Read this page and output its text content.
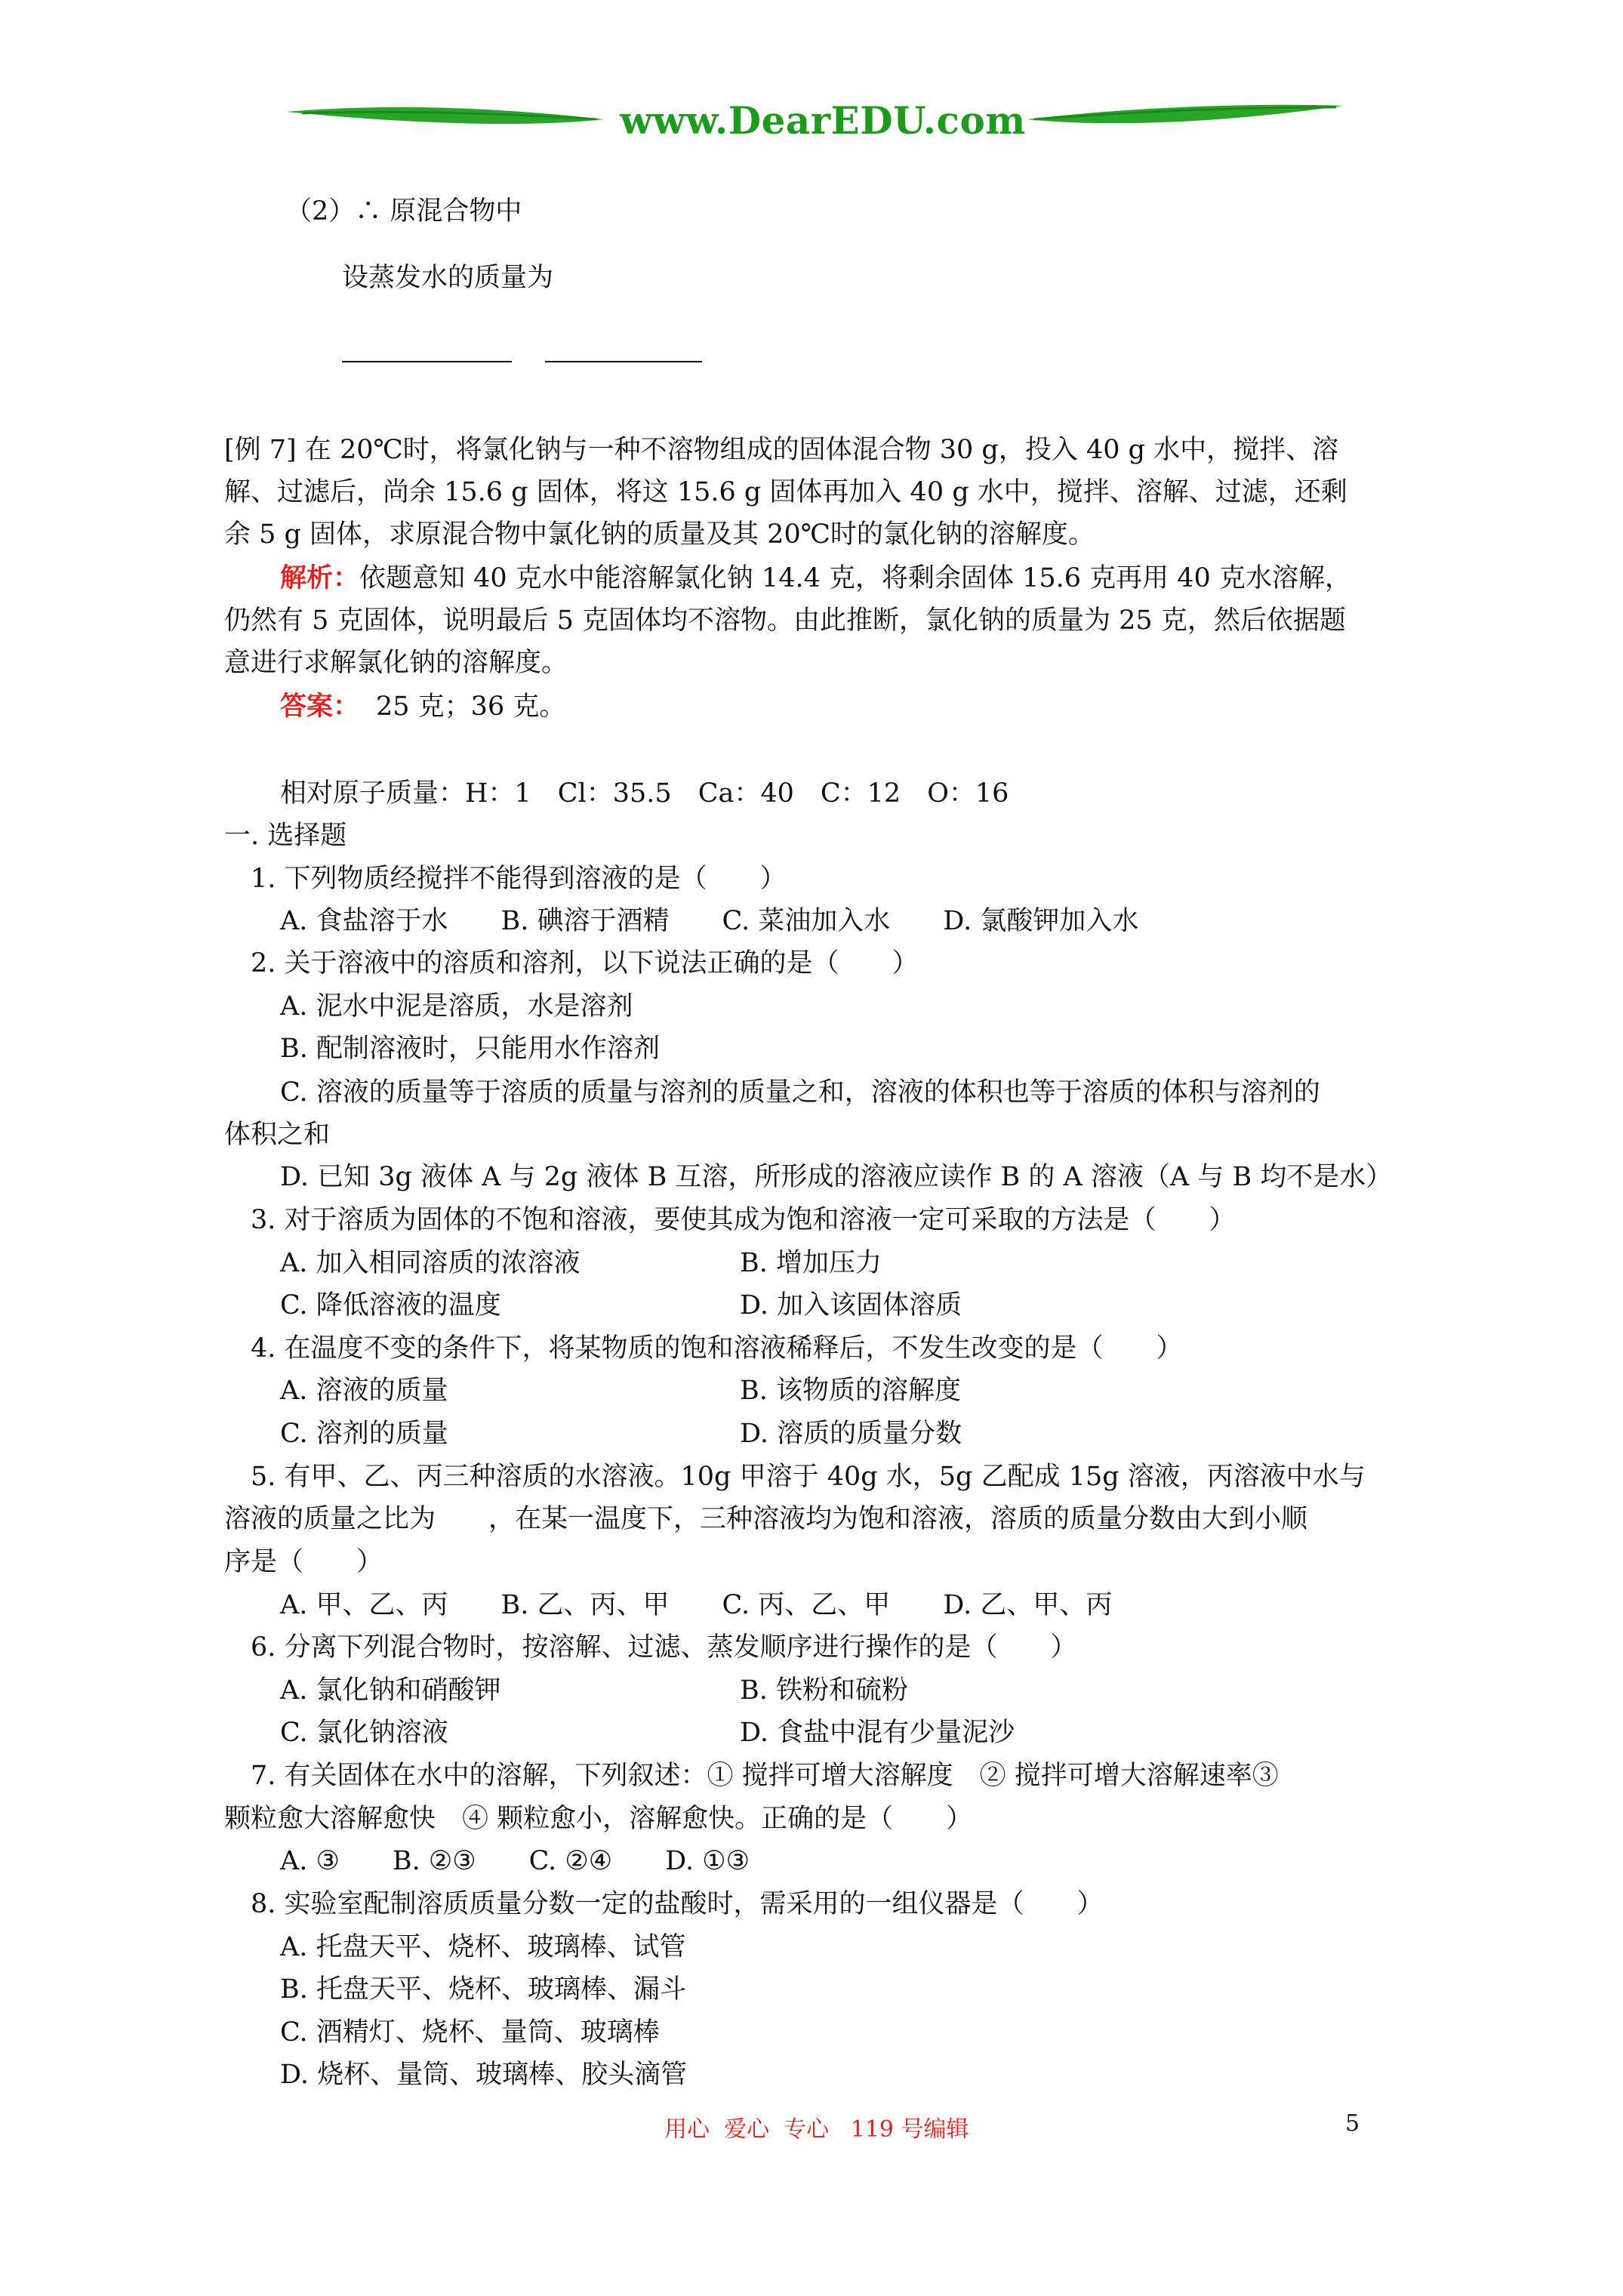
www.DearEDU.com
（2）∴ 原混合物中
设蒸发水的质量为
[例 7] 在 20℃时，将氯化钠与一种不溶物组成的固体混合物 30 g，投入 40 g 水中，搅拌、溶
解、过滤后，尚余 15.6 g 固体，将这 15.6 g 固体再加入 40 g 水中，搅拌、溶解、过滤，还剩
余 5 g 固体，求原混合物中氯化钠的质量及其 20℃时的氯化钠的溶解度。
解析：依题意知 40 克水中能溶解氯化钠 14.4 克，将剩余固体 15.6 克再用 40 克水溶解，
仍然有 5 克固体，说明最后 5 克固体均不溶物。由此推断，氯化钠的质量为 25 克，然后依据题
意进行求解氯化钠的溶解度。
答案： 25 克；36 克。
相对原子质量：H：1　Cl：35.5　Ca：40　C：12　O：16
一. 选择题
1. 下列物质经搅拌不能得到溶液的是（　　）
A. 食盐溶于水　　B. 碘溶于酒精　　C. 菜油加入水　　D. 氯酸钾加入水
2. 关于溶液中的溶质和溶剂，以下说法正确的是（　　）
A. 泥水中泥是溶质，水是溶剂
B. 配制溶液时，只能用水作溶剂
C. 溶液的质量等于溶质的质量与溶剂的质量之和，溶液的体积也等于溶质的体积与溶剂的
体积之和
D. 已知 3g 液体 A 与 2g 液体 B 互溶，所形成的溶液应读作 B 的 A 溶液（A 与 B 均不是水）
3. 对于溶质为固体的不饱和溶液，要使其成为饱和溶液一定可采取的方法是（　　）
A. 加入相同溶质的浓溶液	B. 增加压力
C. 降低溶液的温度	D. 加入该固体溶质
4. 在温度不变的条件下，将某物质的饱和溶液稀释后，不发生改变的是（　　）
A. 溶液的质量	B. 该物质的溶解度
C. 溶剂的质量	D. 溶质的质量分数
5. 有甲、乙、丙三种溶质的水溶液。10g 甲溶于 40g 水，5g 乙配成 15g 溶液，丙溶液中水与
溶液的质量之比为　　，在某一温度下，三种溶液均为饱和溶液，溶质的质量分数由大到小顺
序是（　　）
A. 甲、乙、丙　　B. 乙、丙、甲　　C. 丙、乙、甲　　D. 乙、甲、丙
6. 分离下列混合物时，按溶解、过滤、蒸发顺序进行操作的是（　　）
A. 氯化钠和硝酸钾	B. 铁粉和硫粉
C. 氯化钠溶液	D. 食盐中混有少量泥沙
7. 有关固体在水中的溶解，下列叙述：① 搅拌可增大溶解度　② 搅拌可增大溶解速率③
颗粒愈大溶解愈快　④ 颗粒愈小，溶解愈快。正确的是（　　）
A. ③　　B. ②③　　C. ②④　　D. ①③
8. 实验室配制溶质质量分数一定的盐酸时，需采用的一组仪器是（　　）
A. 托盘天平、烧杯、玻璃棒、试管
B. 托盘天平、烧杯、玻璃棒、漏斗
C. 酒精灯、烧杯、量筒、玻璃棒
D. 烧杯、量筒、玻璃棒、胶头滴管
用心  爱心  专心   119 号编辑	5
